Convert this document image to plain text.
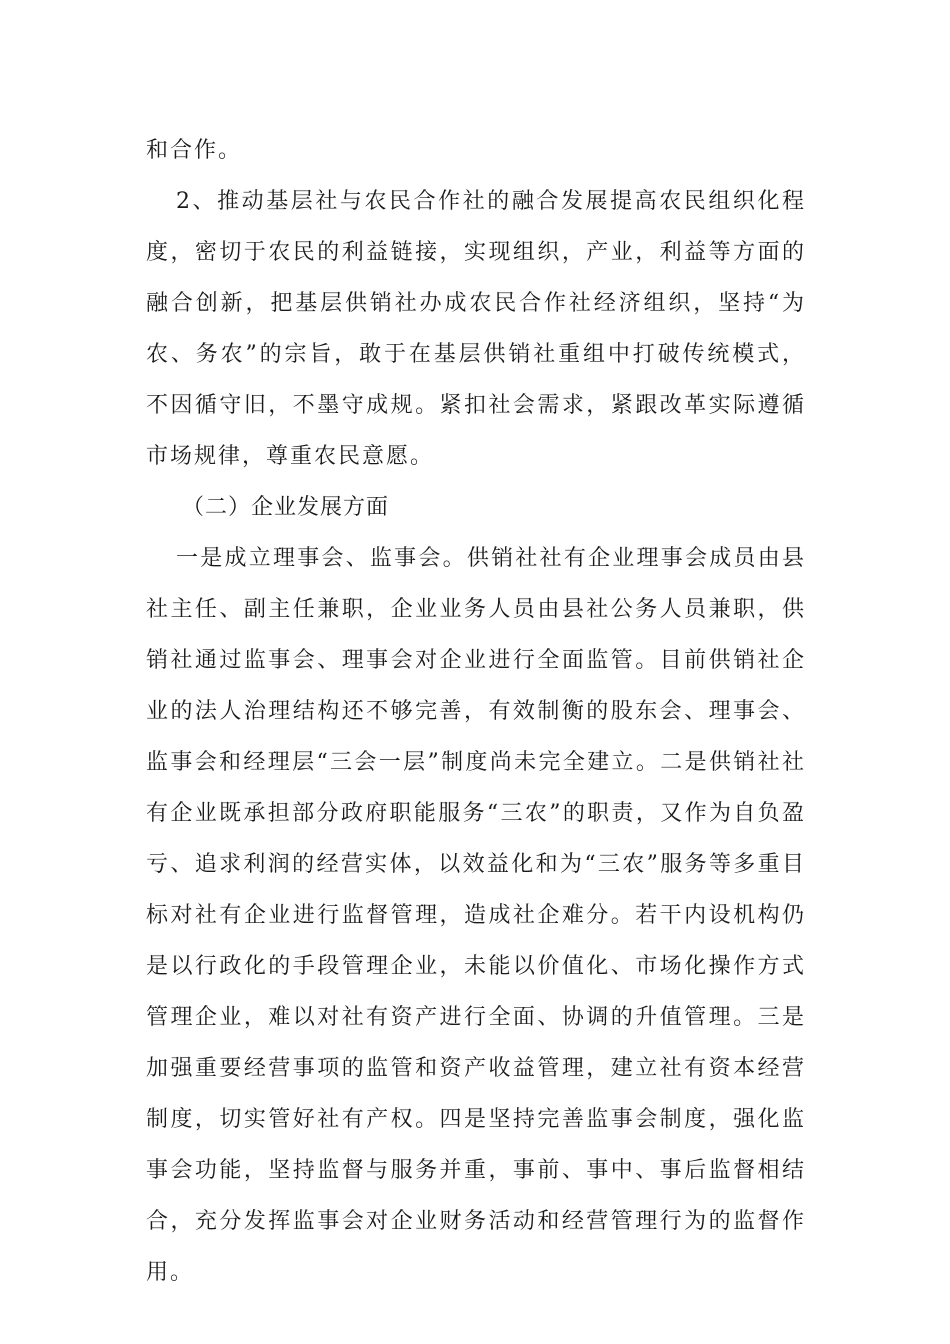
和合作。

2、推动基层社与农民合作社的融合发展提高农民组织化程度，密切于农民的利益链接，实现组织，产业，利益等方面的融合创新，把基层供销社办成农民合作社经济组织，坚持“为农、务农”的宗旨，敢于在基层供销社重组中打破传统模式，不因循守旧，不墨守成规。紧扣社会需求，紧跟改革实际遵循市场规律，尊重农民意愿。

（二）企业发展方面

一是成立理事会、监事会。供销社社有企业理事会成员由县社主任、副主任兼职，企业业务人员由县社公务人员兼职，供销社通过监事会、理事会对企业进行全面监管。目前供销社企业的法人治理结构还不够完善，有效制衡的股东会、理事会、监事会和经理层“三会一层”制度尚未完全建立。二是供销社社有企业既承担部分政府职能服务“三农”的职责，又作为自负盈亏、追求利润的经营实体，以效益化和为“三农”服务等多重目标对社有企业进行监督管理，造成社企难分。若干内设机构仍是以行政化的手段管理企业，未能以价值化、市场化操作方式管理企业，难以对社有资产进行全面、协调的升值管理。三是加强重要经营事项的监管和资产收益管理，建立社有资本经营制度，切实管好社有产权。四是坚持完善监事会制度，强化监事会功能，坚持监督与服务并重，事前、事中、事后监督相结合，充分发挥监事会对企业财务活动和经营管理行为的监督作用。
